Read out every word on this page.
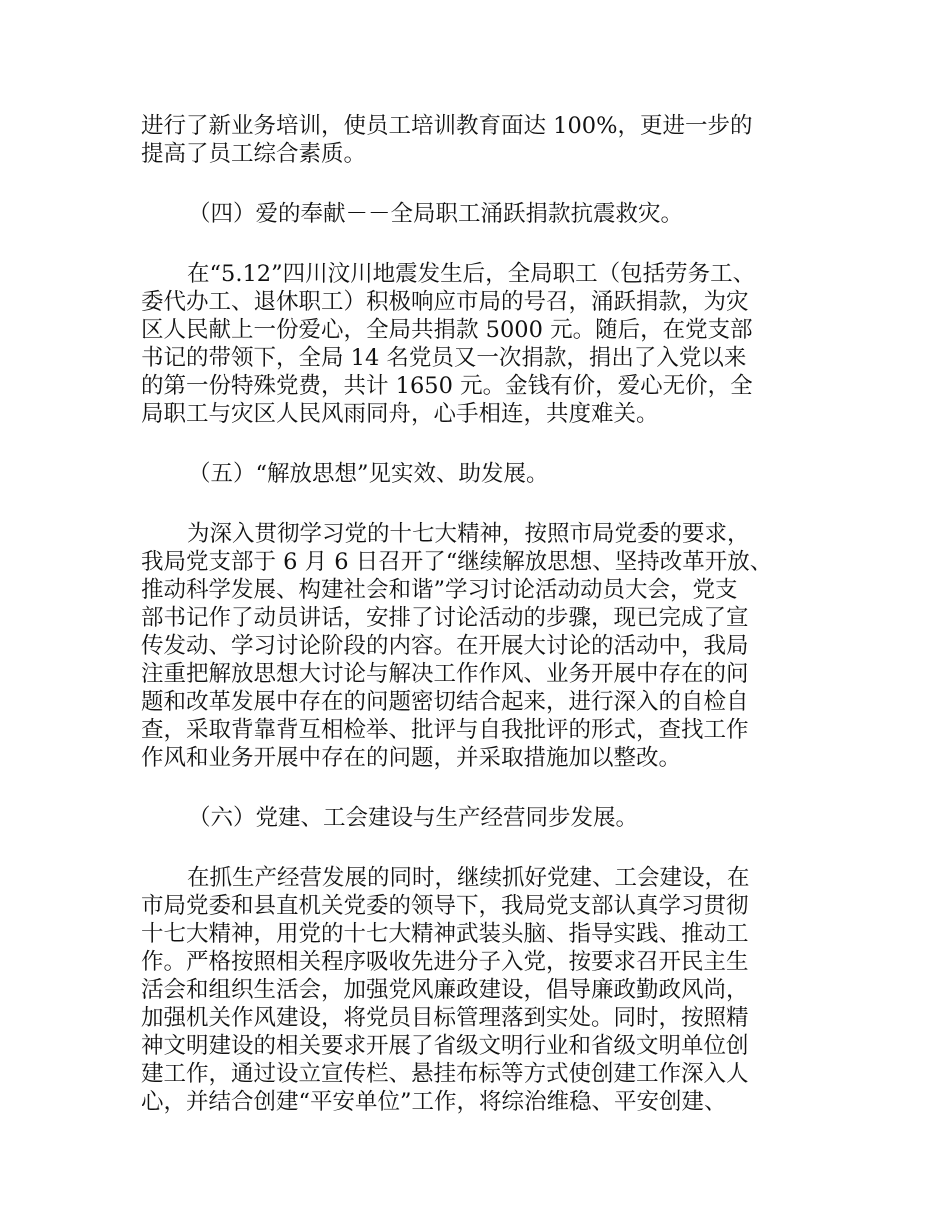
进行了新业务培训，使员工培训教育面达 100%，更进一步的
提高了员工综合素质。
（四）爱的奉献－－全局职工涌跃捐款抗震救灾。
在“5.12”四川汶川地震发生后，全局职工（包括劳务工、
委代办工、退休职工）积极响应市局的号召，涌跃捐款，为灾
区人民献上一份爱心，全局共捐款 5000 元。随后，在党支部
书记的带领下，全局 14 名党员又一次捐款，捐出了入党以来
的第一份特殊党费，共计 1650 元。金钱有价，爱心无价，全
局职工与灾区人民风雨同舟，心手相连，共度难关。
（五）“解放思想”见实效、助发展。
为深入贯彻学习党的十七大精神，按照市局党委的要求，
我局党支部于 6 月 6 日召开了“继续解放思想、坚持改革开放、
推动科学发展、构建社会和谐”学习讨论活动动员大会，党支
部书记作了动员讲话，安排了讨论活动的步骤，现已完成了宣
传发动、学习讨论阶段的内容。在开展大讨论的活动中，我局
注重把解放思想大讨论与解决工作作风、业务开展中存在的问
题和改革发展中存在的问题密切结合起来，进行深入的自检自
查，采取背靠背互相检举、批评与自我批评的形式，查找工作
作风和业务开展中存在的问题，并采取措施加以整改。
（六）党建、工会建设与生产经营同步发展。
在抓生产经营发展的同时，继续抓好党建、工会建设，在
市局党委和县直机关党委的领导下，我局党支部认真学习贯彻
十七大精神，用党的十七大精神武装头脑、指导实践、推动工
作。严格按照相关程序吸收先进分子入党，按要求召开民主生
活会和组织生活会，加强党风廉政建设，倡导廉政勤政风尚，
加强机关作风建设，将党员目标管理落到实处。同时，按照精
神文明建设的相关要求开展了省级文明行业和省级文明单位创
建工作，通过设立宣传栏、悬挂布标等方式使创建工作深入人
心，并结合创建“平安单位”工作，将综治维稳、平安创建、
